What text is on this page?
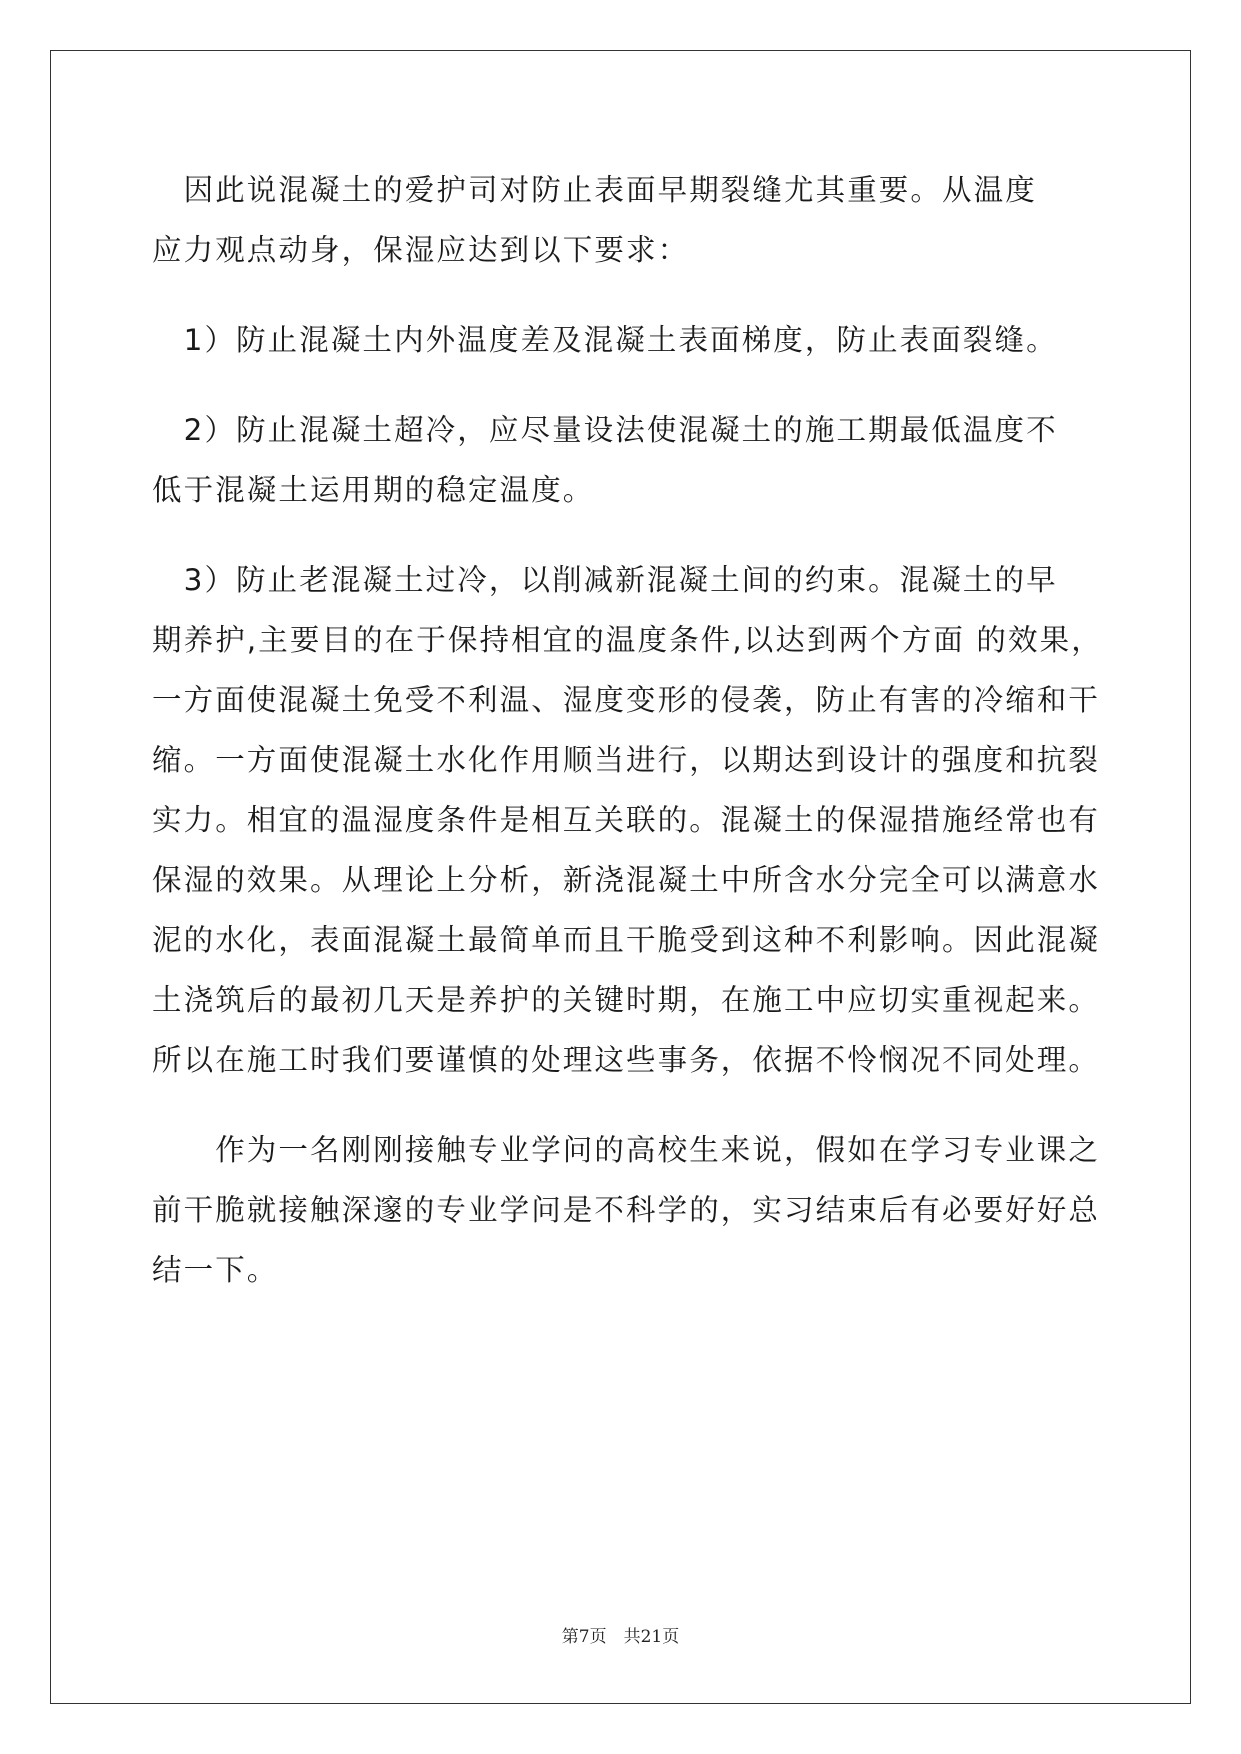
　因此说混凝土的爱护司对防止表面早期裂缝尤其重要。从温度
应力观点动身，保湿应达到以下要求：
　1）防止混凝土内外温度差及混凝土表面梯度，防止表面裂缝。
　2）防止混凝土超冷，应尽量设法使混凝土的施工期最低温度不
低于混凝土运用期的稳定温度。
　3）防止老混凝土过冷，以削减新混凝土间的约束。混凝土的早
期养护,主要目的在于保持相宜的温度条件,以达到两个方面 的效果，
一方面使混凝土免受不利温、湿度变形的侵袭，防止有害的冷缩和干
缩。一方面使混凝土水化作用顺当进行，以期达到设计的强度和抗裂
实力。相宜的温湿度条件是相互关联的。混凝土的保湿措施经常也有
保湿的效果。从理论上分析，新浇混凝土中所含水分完全可以满意水
泥的水化，表面混凝土最简单而且干脆受到这种不利影响。因此混凝
土浇筑后的最初几天是养护的关键时期，在施工中应切实重视起来。
所以在施工时我们要谨慎的处理这些事务，依据不怜悯况不同处理。
　　作为一名刚刚接触专业学问的高校生来说，假如在学习专业课之
前干脆就接触深邃的专业学问是不科学的，实习结束后有必要好好总
结一下。
第7页　共21页
